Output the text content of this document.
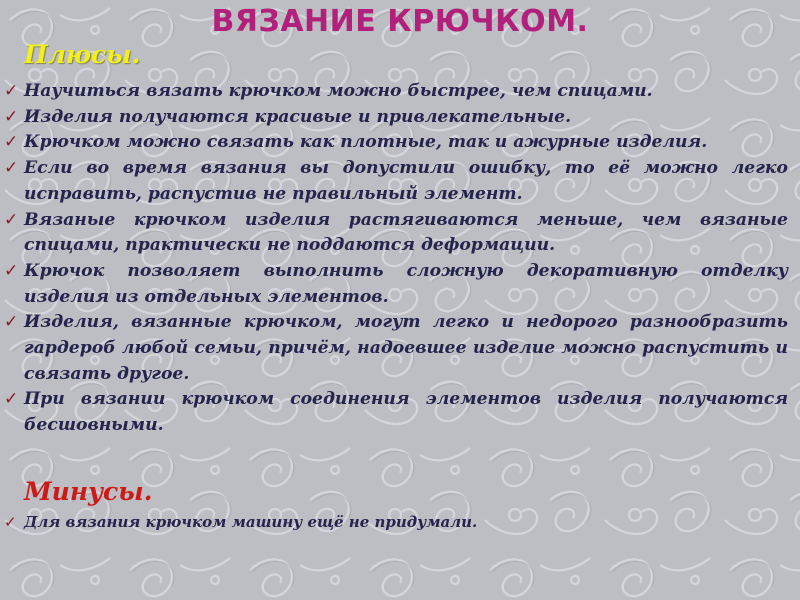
ВЯЗАНИЕ КРЮЧКОМ.
Плюсы.
✓ Научиться вязать крючком можно быстрее, чем спицами.
✓ Изделия получаются красивые и привлекательные.
✓ Крючком можно связать как плотные, так и ажурные изделия.
✓ Если во время вязания вы допустили ошибку, то её можно легко исправить, распустив не правильный элемент.
✓ Вязаные крючком изделия растягиваются меньше, чем вязаные спицами, практически не поддаются деформации.
✓ Крючок позволяет выполнить сложную декоративную отделку изделия из отдельных элементов.
✓ Изделия, вязанные крючком, могут легко и недорого разнообразить гардероб любой семьи, причём, надоевшее изделие можно распустить и связать другое.
✓ При вязании крючком соединения элементов изделия получаются бесшовными.
Минусы.
✓ Для вязания крючком машину ещё не придумали.
